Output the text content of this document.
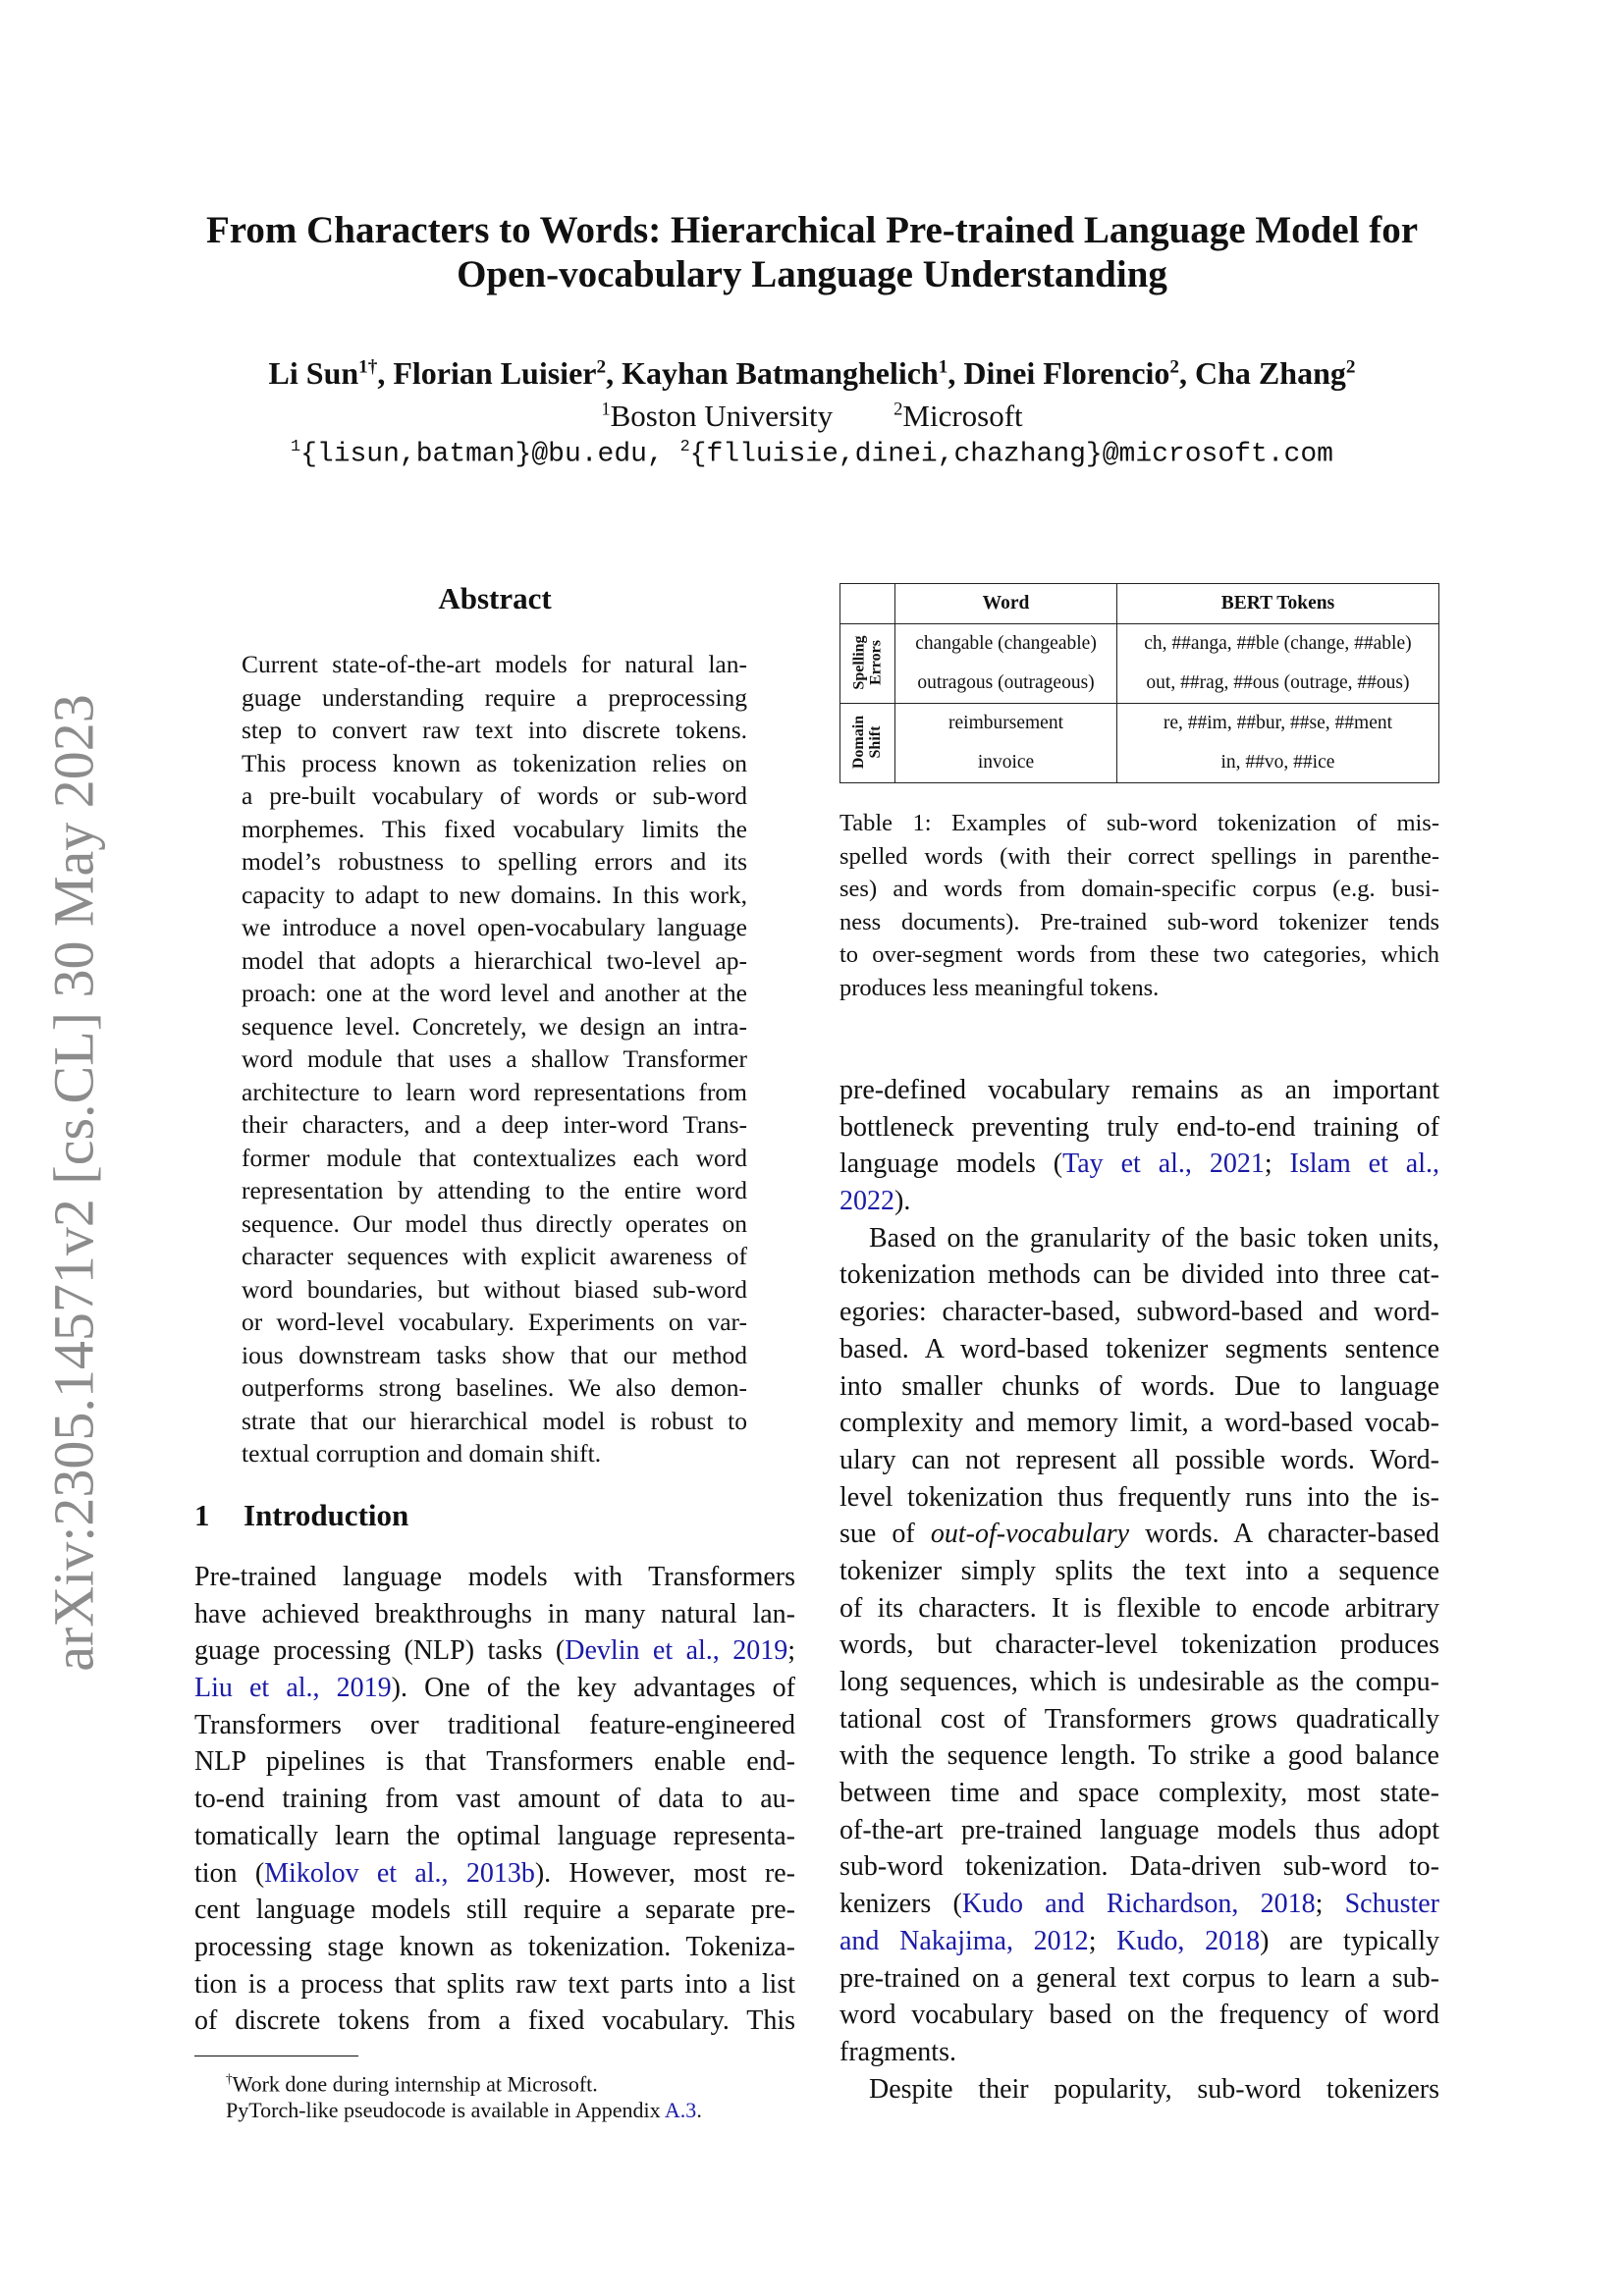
arXiv:2305.14571v2 [cs.CL] 30 May 2023
From Characters to Words: Hierarchical Pre-trained Language Model for
Open-vocabulary Language Understanding
Li Sun$^{1\dagger}$, Florian Luisier$^2$, Kayhan Batmanghelich$^1$, Dinei Florencio$^2$, Cha Zhang$^2$
$^1$Boston University  	$^2$Microsoft
$^1${lisun,batman}@bu.edu, $^2${flluisie,dinei,chazhang}@microsoft.com
Abstract
Current state-of-the-art models for natural lan-
guage understanding require a preprocessing
step to convert raw text into discrete tokens.
This process known as tokenization relies on
a pre-built vocabulary of words or sub-word
morphemes. This fixed vocabulary limits the
model’s robustness to spelling errors and its
capacity to adapt to new domains. In this work,
we introduce a novel open-vocabulary language
model that adopts a hierarchical two-level ap-
proach: one at the word level and another at the
sequence level. Concretely, we design an intra-
word module that uses a shallow Transformer
architecture to learn word representations from
their characters, and a deep inter-word Trans-
former module that contextualizes each word
representation by attending to the entire word
sequence. Our model thus directly operates on
character sequences with explicit awareness of
word boundaries, but without biased sub-word
or word-level vocabulary. Experiments on var-
ious downstream tasks show that our method
outperforms strong baselines. We also demon-
strate that our hierarchical model is robust to
textual corruption and domain shift.
1 Introduction
Pre-trained language models with Transformers
have achieved breakthroughs in many natural lan-
guage processing (NLP) tasks (Devlin et al., 2019;
Liu et al., 2019). One of the key advantages of
Transformers over traditional feature-engineered
NLP pipelines is that Transformers enable end-
to-end training from vast amount of data to au-
tomatically learn the optimal language representa-
tion (Mikolov et al., 2013b). However, most re-
cent language models still require a separate pre-
processing stage known as tokenization. Tokeniza-
tion is a process that splits raw text parts into a list
of discrete tokens from a fixed vocabulary. This
†Work done during internship at Microsoft.
PyTorch-like pseudocode is available in Appendix A.3.
	Word	BERT Tokens
Spelling
Errors	changable (changeable)	ch, ##anga, ##ble (change, ##able)
	outragous (outrageous)	out, ##rag, ##ous (outrage, ##ous)
Domain
Shift	reimbursement	re, ##im, ##bur, ##se, ##ment
	invoice	in, ##vo, ##ice
Table 1: Examples of sub-word tokenization of mis-
spelled words (with their correct spellings in parenthe-
ses) and words from domain-specific corpus (e.g. busi-
ness documents). Pre-trained sub-word tokenizer tends
to over-segment words from these two categories, which
produces less meaningful tokens.
pre-defined vocabulary remains as an important
bottleneck preventing truly end-to-end training of
language models (Tay et al., 2021; Islam et al.,
2022).
Based on the granularity of the basic token units,
tokenization methods can be divided into three cat-
egories: character-based, subword-based and word-
based. A word-based tokenizer segments sentence
into smaller chunks of words. Due to language
complexity and memory limit, a word-based vocab-
ulary can not represent all possible words. Word-
level tokenization thus frequently runs into the is-
sue of out-of-vocabulary words. A character-based
tokenizer simply splits the text into a sequence
of its characters. It is flexible to encode arbitrary
words, but character-level tokenization produces
long sequences, which is undesirable as the compu-
tational cost of Transformers grows quadratically
with the sequence length. To strike a good balance
between time and space complexity, most state-
of-the-art pre-trained language models thus adopt
sub-word tokenization. Data-driven sub-word to-
kenizers (Kudo and Richardson, 2018; Schuster
and Nakajima, 2012; Kudo, 2018) are typically
pre-trained on a general text corpus to learn a sub-
word vocabulary based on the frequency of word
fragments.
Despite their popularity, sub-word tokenizers
